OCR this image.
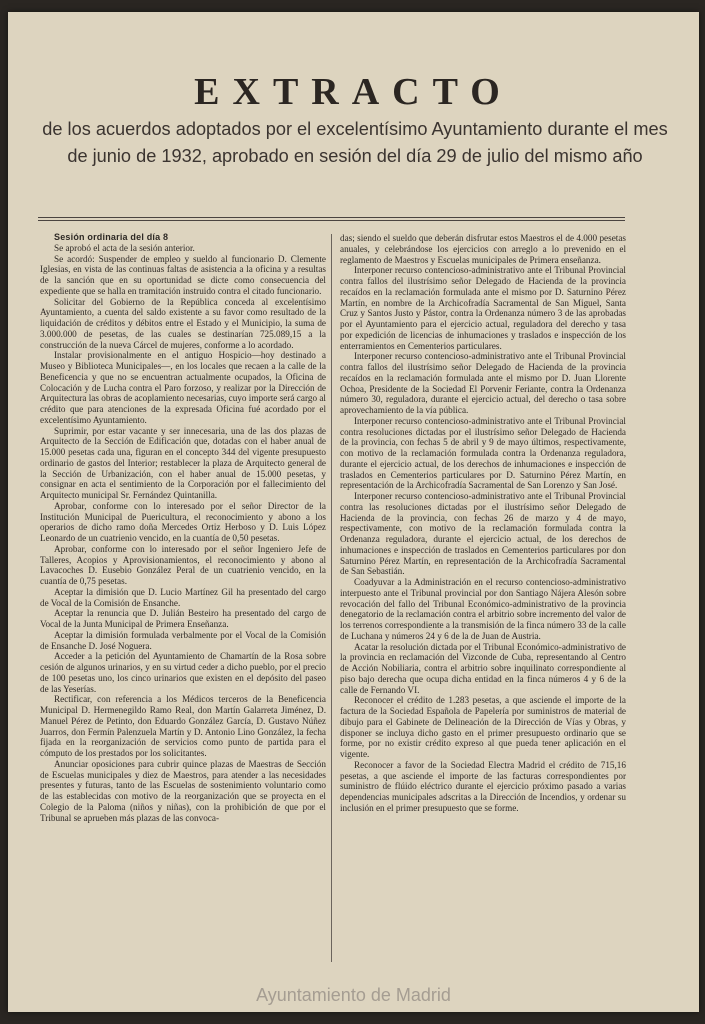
EXTRACTO

de los acuerdos adoptados por el excelentísimo Ayuntamiento durante el mes de junio de 1932, aprobado en sesión del día 29 de julio del mismo año

Sesión ordinaria del día 8

Se aprobó el acta de la sesión anterior.

Se acordó: Suspender de empleo y sueldo al funcionario D. Clemente Iglesias, en vista de las continuas faltas de asistencia a la oficina y a resultas de la sanción que en su oportunidad se dicte como consecuencia del expediente que se halla en tramitación instruido contra el citado funcionario.

Solicitar del Gobierno de la República conceda al excelentísimo Ayuntamiento, a cuenta del saldo existente a su favor como resultado de la liquidación de créditos y débitos entre el Estado y el Municipio, la suma de 3.000.000 de pesetas, de las cuales se destinarían 725.089,15 a la construcción de la nueva Cárcel de mujeres, conforme a lo acordado.

Instalar provisionalmente en el antiguo Hospicio—hoy destinado a Museo y Biblioteca Municipales—, en los locales que recaen a la calle de la Beneficencia y que no se encuentran actualmente ocupados, la Oficina de Colocación y de Lucha contra el Paro forzoso, y realizar por la Dirección de Arquitectura las obras de acoplamiento necesarias, cuyo importe será cargo al crédito que para atenciones de la expresada Oficina fué acordado por el excelentísimo Ayuntamiento.

Suprimir, por estar vacante y ser innecesaria, una de las dos plazas de Arquitecto de la Sección de Edificación que, dotadas con el haber anual de 15.000 pesetas cada una, figuran en el concepto 344 del vigente presupuesto ordinario de gastos del Interior; restablecer la plaza de Arquitecto general de la Sección de Urbanización, con el haber anual de 15.000 pesetas, y consignar en acta el sentimiento de la Corporación por el fallecimiento del Arquitecto municipal Sr. Fernández Quintanilla.

Aprobar, conforme con lo interesado por el señor Director de la Institución Municipal de Puericultura, el reconocimiento y abono a los operarios de dicho ramo doña Mercedes Ortiz Herboso y D. Luis López Leonardo de un cuatrienio vencido, en la cuantía de 0,50 pesetas.

Aprobar, conforme con lo interesado por el señor Ingeniero Jefe de Talleres, Acopios y Aprovisionamientos, el reconocimiento y abono al Lavacoches D. Eusebio González Peral de un cuatrienio vencido, en la cuantía de 0,75 pesetas.

Aceptar la dimisión que D. Lucio Martínez Gil ha presentado del cargo de Vocal de la Comisión de Ensanche.

Aceptar la renuncia que D. Julián Besteiro ha presentado del cargo de Vocal de la Junta Municipal de Primera Enseñanza.

Aceptar la dimisión formulada verbalmente por el Vocal de la Comisión de Ensanche D. José Noguera.

Acceder a la petición del Ayuntamiento de Chamartín de la Rosa sobre cesión de algunos urinarios, y en su virtud ceder a dicho pueblo, por el precio de 100 pesetas uno, los cinco urinarios que existen en el depósito del paseo de las Yeserías.

Rectificar, con referencia a los Médicos terceros de la Beneficencia Municipal D. Hermenegildo Ramo Real, don Martín Galarreta Jiménez, D. Manuel Pérez de Petinto, don Eduardo González García, D. Gustavo Núñez Juarros, don Fermín Palenzuela Martín y D. Antonio Lino González, la fecha fijada en la reorganización de servicios como punto de partida para el cómputo de los prestados por los solicitantes.

Anunciar oposiciones para cubrir quince plazas de Maestras de Sección de Escuelas municipales y diez de Maestros, para atender a las necesidades presentes y futuras, tanto de las Escuelas de sostenimiento voluntario como de las establecidas con motivo de la reorganización que se proyecta en el Colegio de la Paloma (niños y niñas), con la prohibición de que por el Tribunal se aprueben más plazas de las convoca-

das; siendo el sueldo que deberán disfrutar estos Maestros el de 4.000 pesetas anuales, y celebrándose los ejercicios con arreglo a lo prevenido en el reglamento de Maestros y Escuelas municipales de Primera enseñanza.

Interponer recurso contencioso-administrativo ante el Tribunal Provincial contra fallos del ilustrísimo señor Delegado de Hacienda de la provincia recaídos en la reclamación formulada ante el mismo por D. Saturnino Pérez Martín, en nombre de la Archicofradía Sacramental de San Miguel, Santa Cruz y Santos Justo y Pástor, contra la Ordenanza número 3 de las aprobadas por el Ayuntamiento para el ejercicio actual, reguladora del derecho y tasa por expedición de licencias de inhumaciones y traslados e inspección de los enterramientos en Cementerios particulares.

Interponer recurso contencioso-administrativo ante el Tribunal Provincial contra fallos del ilustrísimo señor Delegado de Hacienda de la provincia recaídos en la reclamación formulada ante el mismo por D. Juan Llorente Ochoa, Presidente de la Sociedad El Porvenir Feriante, contra la Ordenanza número 30, reguladora, durante el ejercicio actual, del derecho o tasa sobre aprovechamiento de la vía pública.

Interponer recurso contencioso-administrativo ante el Tribunal Provincial contra resoluciones dictadas por el ilustrísimo señor Delegado de Hacienda de la provincia, con fechas 5 de abril y 9 de mayo últimos, respectivamente, con motivo de la reclamación formulada contra la Ordenanza reguladora, durante el ejercicio actual, de los derechos de inhumaciones e inspección de traslados en Cementerios particulares por D. Saturnino Pérez Martín, en representación de la Archicofradía Sacramental de San Lorenzo y San José.

Interponer recurso contencioso-administrativo ante el Tribunal Provincial contra las resoluciones dictadas por el ilustrísimo señor Delegado de Hacienda de la provincia, con fechas 26 de marzo y 4 de mayo, respectivamente, con motivo de la reclamación formulada contra la Ordenanza reguladora, durante el ejercicio actual, de los derechos de inhumaciones e inspección de traslados en Cementerios particulares por don Saturnino Pérez Martín, en representación de la Archicofradía Sacramental de San Sebastián.

Coadyuvar a la Administración en el recurso contencioso-administrativo interpuesto ante el Tribunal provincial por don Santiago Nájera Alesón sobre revocación del fallo del Tribunal Económico-administrativo de la provincia denegatorio de la reclamación contra el arbitrio sobre incremento del valor de los terrenos correspondiente a la transmisión de la finca número 33 de la calle de Luchana y números 24 y 6 de la de Juan de Austria.

Acatar la resolución dictada por el Tribunal Económico-administrativo de la provincia en reclamación del Vizconde de Cuba, representando al Centro de Acción Nobiliaria, contra el arbitrio sobre inquilinato correspondiente al piso bajo derecha que ocupa dicha entidad en la finca números 4 y 6 de la calle de Fernando VI.

Reconocer el crédito de 1.283 pesetas, a que asciende el importe de la factura de la Sociedad Española de Papelería por suministros de material de dibujo para el Gabinete de Delineación de la Dirección de Vías y Obras, y disponer se incluya dicho gasto en el primer presupuesto ordinario que se forme, por no existir crédito expreso al que pueda tener aplicación en el vigente.

Reconocer a favor de la Sociedad Electra Madrid el crédito de 715,16 pesetas, a que asciende el importe de las facturas correspondientes por suministro de flúido eléctrico durante el ejercicio próximo pasado a varias dependencias municipales adscritas a la Dirección de Incendios, y ordenar su inclusión en el primer presupuesto que se forme.

Ayuntamiento de Madrid
